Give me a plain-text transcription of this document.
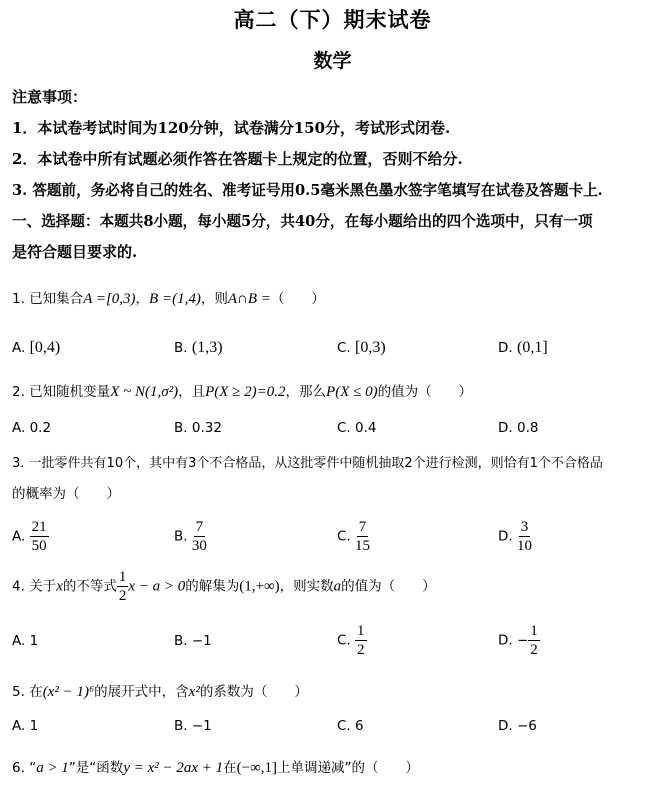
高二（下）期末试卷
数学
注意事项：
1．本试卷考试时间为120分钟，试卷满分150分，考试形式闭卷.
2．本试卷中所有试题必须作答在答题卡上规定的位置，否则不给分.
3. 答题前，务必将自己的姓名、准考证号用0.5毫米黑色墨水签字笔填写在试卷及答题卡上.
一、选择题：本题共8小题，每小题5分，共40分，在每小题给出的四个选项中，只有一项
是符合题目要求的.
1. 已知集合A =[0,3)，B =(1,4)，则A∩B =（　　）
A. [0,4)	B. (1,3)	C. [0,3)	D. (0,1]
2. 已知随机变量X ~ N(1,σ²)，且P(X ≥ 2)=0.2，那么P(X ≤ 0)的值为（　　）
A. 0.2	B. 0.32	C. 0.4	D. 0.8
3. 一批零件共有10个，其中有3个不合格品，从这批零件中随机抽取2个进行检测，则恰有1个不合格品
的概率为（　　）
A. $\frac{21}{50}$	B. $\frac{7}{30}$	C. $\frac{7}{15}$	D. $\frac{3}{10}$
4. 关于x的不等式 $\frac{1}{2}$ x − a > 0的解集为(1,+∞)，则实数a的值为（　　）
A. 1	B. −1	C. $\frac{1}{2}$	D. − $\frac{1}{2}$
5. 在(x² − 1)⁶的展开式中，含x²的系数为（　　）
A. 1	B. −1	C. 6	D. −6
6. “a > 1”是“函数y = x² − 2ax + 1在(−∞,1]上单调递减”的（　　）
